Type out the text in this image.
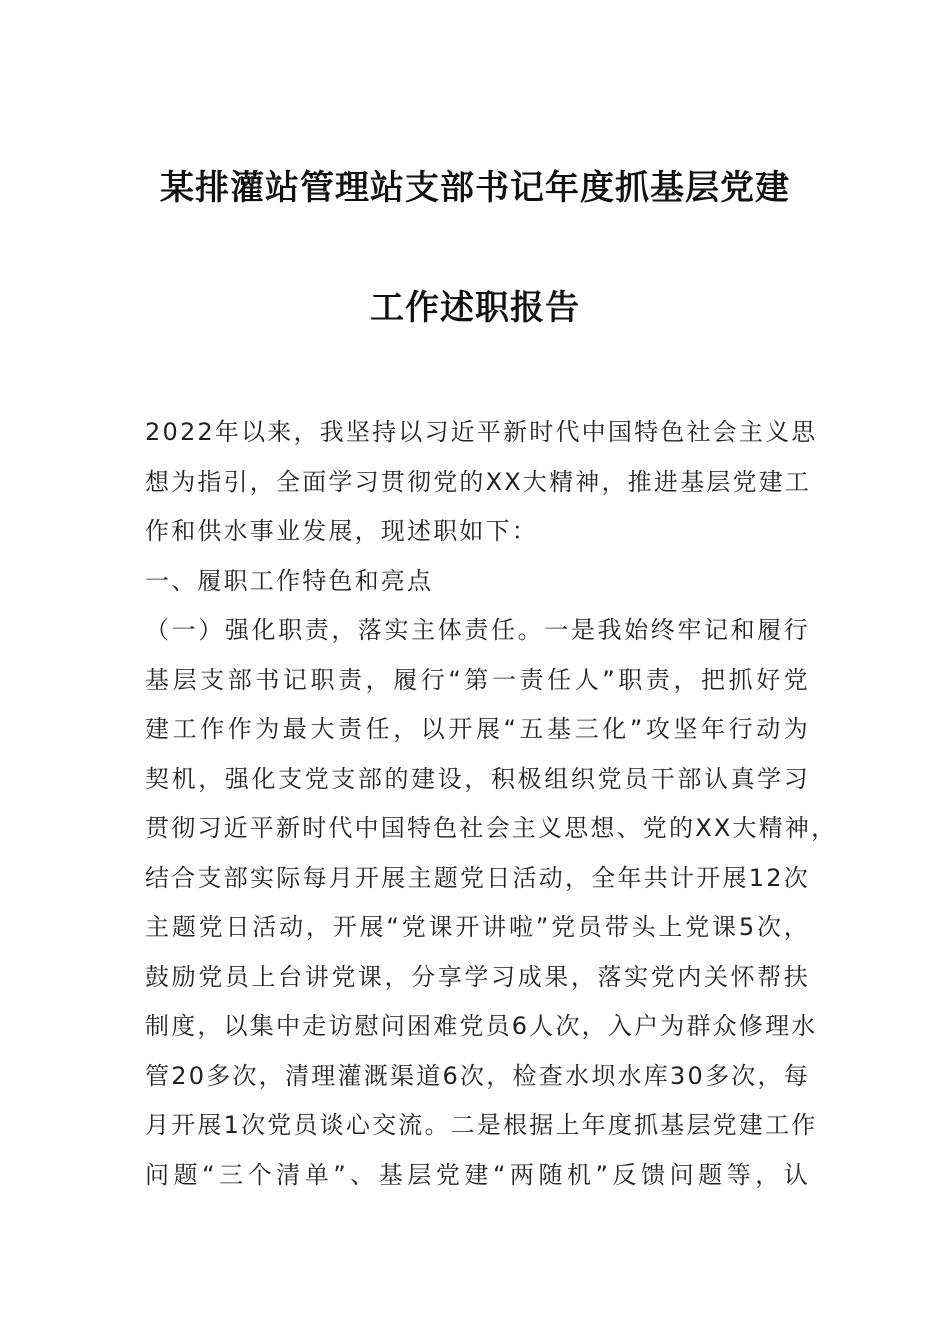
某排灌站管理站支部书记年度抓基层党建
工作述职报告
2022年以来，我坚持以习近平新时代中国特色社会主义思
想为指引，全面学习贯彻党的XX大精神，推进基层党建工
作和供水事业发展，现述职如下：
一、履职工作特色和亮点
（一）强化职责，落实主体责任。一是我始终牢记和履行
基层支部书记职责，履行“第一责任人”职责，把抓好党
建工作作为最大责任，以开展“五基三化”攻坚年行动为
契机，强化支党支部的建设，积极组织党员干部认真学习
贯彻习近平新时代中国特色社会主义思想、党的XX大精神，
结合支部实际每月开展主题党日活动，全年共计开展12次
主题党日活动，开展“党课开讲啦”党员带头上党课5次，
鼓励党员上台讲党课，分享学习成果，落实党内关怀帮扶
制度，以集中走访慰问困难党员6人次，入户为群众修理水
管20多次，清理灌溉渠道6次，检查水坝水库30多次，每
月开展1次党员谈心交流。二是根据上年度抓基层党建工作
问题“三个清单”、基层党建“两随机”反馈问题等，认
